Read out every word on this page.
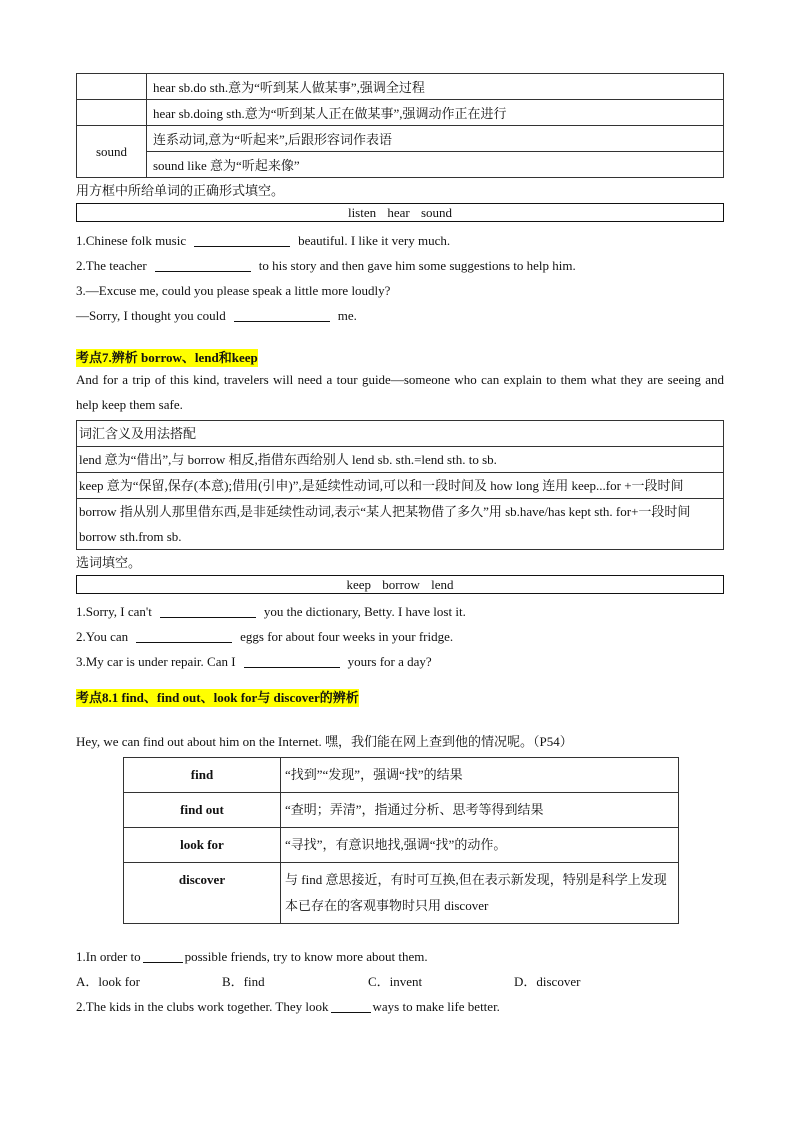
	hear sb.do sth.意为“听到某人做某事”,强调全过程
	hear sb.doing sth.意为“听到某人正在做某事”,强调动作正在进行
sound	连系动词,意为“听起来”,后跟形容词作表语
	sound like 意为“听起来像”
用方框中所给单词的正确形式填空。
listen hear sound
1.Chinese folk music	beautiful. I like it very much.
2.The teacher	to his story and then gave him some suggestions to help him.
3.—Excuse me, could you please speak a little more loudly?
—Sorry, I thought you could	me.
考点7.辨析 borrow、lend和keep
And for a trip of this kind, travelers will need a tour guide—someone who can explain to them what they are seeing and help keep them safe.
词汇含义及用法搭配
lend 意为“借出”,与 borrow 相反,指借东西给别人 lend sb. sth.=lend sth. to sb.
keep 意为“保留,保存(本意);借用(引申)”,是延续性动词,可以和一段时间及 how long 连用 keep...for +一段时间
borrow 指从别人那里借东西,是非延续性动词,表示“某人把某物借了多久”用 sb.have/has kept sth. for+一段时间 borrow sth.from sb.
选词填空。
keep borrow lend
1.Sorry, I can't	you the dictionary, Betty. I have lost it.
2.You can	eggs for about four weeks in your fridge.
3.My car is under repair. Can I	yours for a day?
考点8.1 find、find out、look for与 discover的辨析
Hey, we can find out about him on the Internet. 嘿，我们能在网上查到他的情况呢。（P54）
find	“找到”“发现”，强调“找”的结果
find out	“查明；弄清”，指通过分析、思考等得到结果
look for	“寻找”，有意识地找,强调“找”的动作。
discover	与 find 意思接近，有时可互换,但在表示新发现，特别是科学上发现本已存在的客观事物时只用 discover
1.In order to	possible friends, try to know more about them.
A．look for	B．find	C．invent	D．discover
2.The kids in the clubs work together. They look	ways to make life better.
